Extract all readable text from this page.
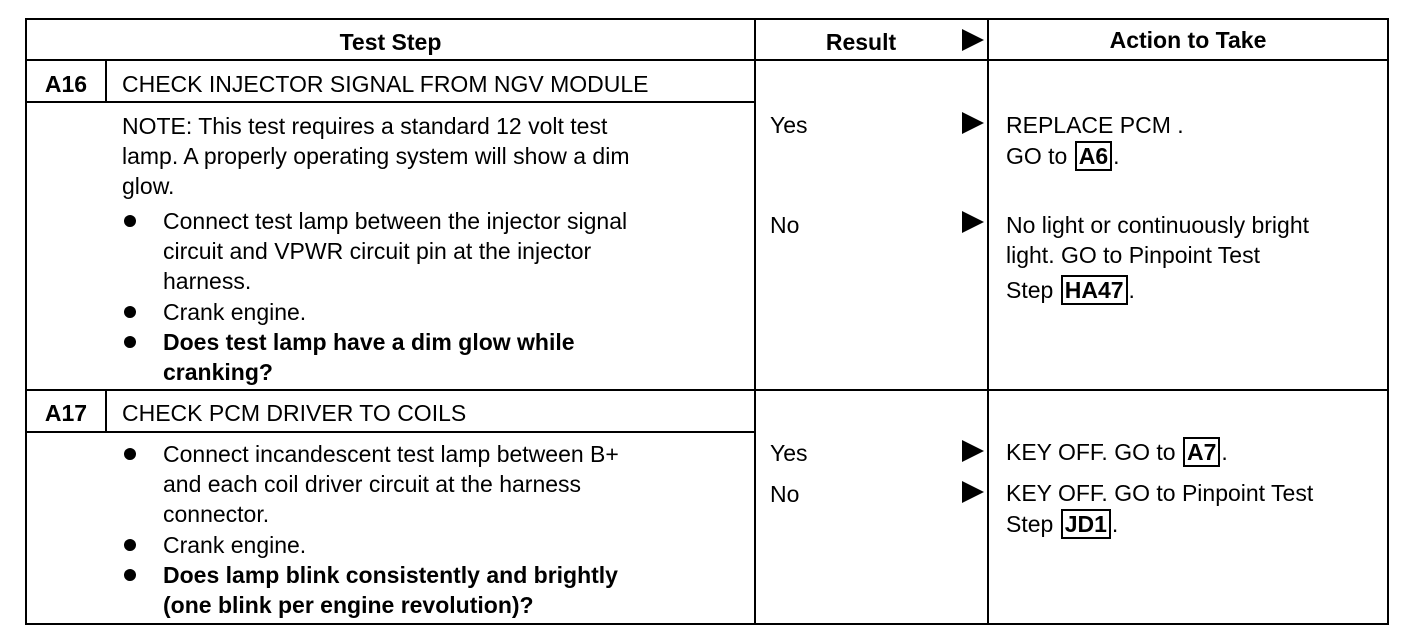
Test Step	Result	Action to Take
A16	CHECK INJECTOR SIGNAL FROM NGV MODULE
NOTE: This test requires a standard 12 volt test
lamp. A properly operating system will show a dim
glow.
Connect test lamp between the injector signal
circuit and VPWR circuit pin at the injector
harness.
Crank engine.
Does test lamp have a dim glow while
cranking?
Yes	REPLACE PCM .
GO to A6 .
No	No light or continuously bright
light. GO to Pinpoint Test
Step HA47 .
A17	CHECK PCM DRIVER TO COILS
Connect incandescent test lamp between B+
and each coil driver circuit at the harness
connector.
Crank engine.
Does lamp blink consistently and brightly
(one blink per engine revolution)?
Yes	KEY OFF. GO to A7 .
No	KEY OFF. GO to Pinpoint Test
Step JD1 .
